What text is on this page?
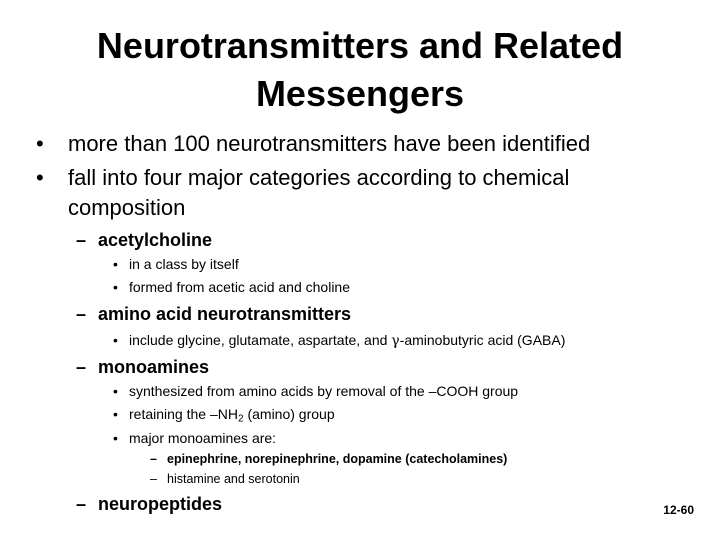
Neurotransmitters and Related Messengers
• more than 100 neurotransmitters have been identified
• fall into four major categories according to chemical
composition
– acetylcholine
• in a class by itself
• formed from acetic acid and choline
– amino acid neurotransmitters
• include glycine, glutamate, aspartate, and γ-aminobutyric acid (GABA)
– monoamines
• synthesized from amino acids by removal of the –COOH group
• retaining the $-NH_2$ (amino) group
• major monoamines are:
– epinephrine, norepinephrine, dopamine (catecholamines)
– histamine and serotonin
– neuropeptides	12-60
